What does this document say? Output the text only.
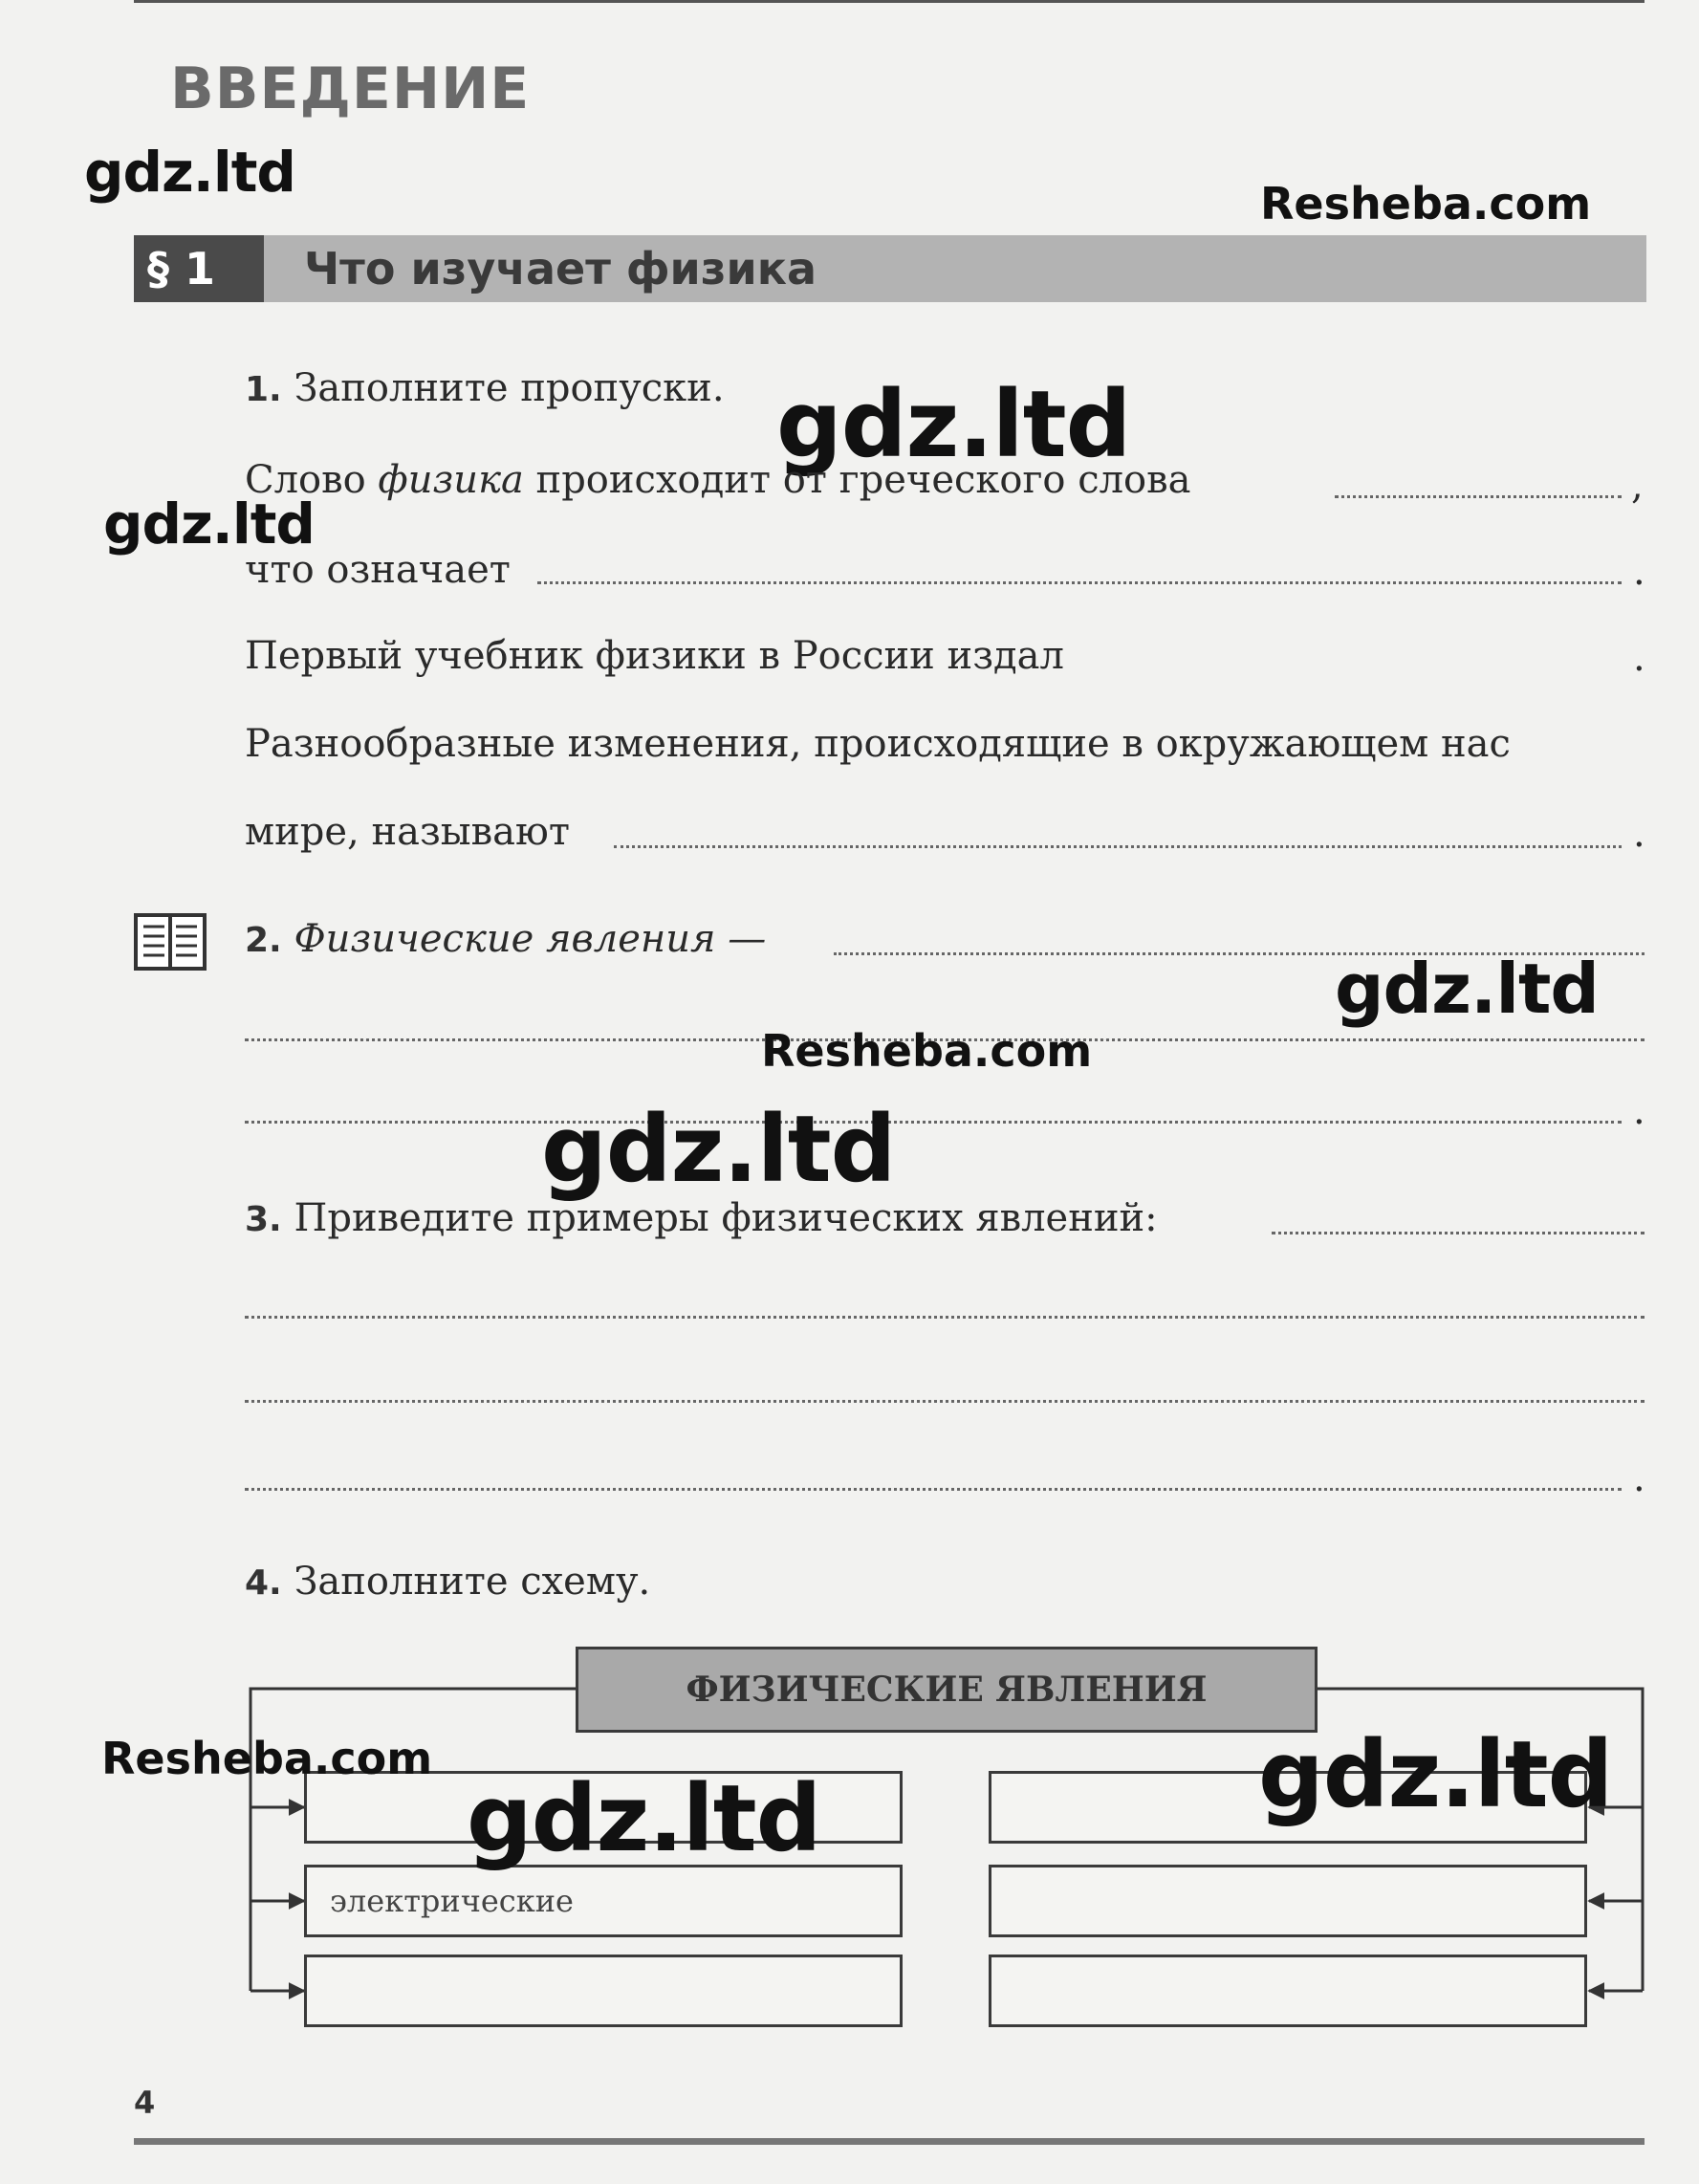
ВВЕДЕНИЕ
gdz.ltd	Resheba.com
§ 1	Что изучает физика
1. Заполните пропуски. gdz.ltd
Слово физика происходит от греческого слова	,
gdz.ltd
что означает	.
Первый учебник физики в России издал	.
Разнообразные изменения, происходящие в окружающем нас
мире, называют	.
2. Физические явления —
gdz.ltd
Resheba.com
.
gdz.ltd
3. Приведите примеры физических явлений:
.
4. Заполните схему.
ФИЗИЧЕСКИЕ ЯВЛЕНИЯ
электрические
Resheba.com
gdz.ltd	gdz.ltd
4
